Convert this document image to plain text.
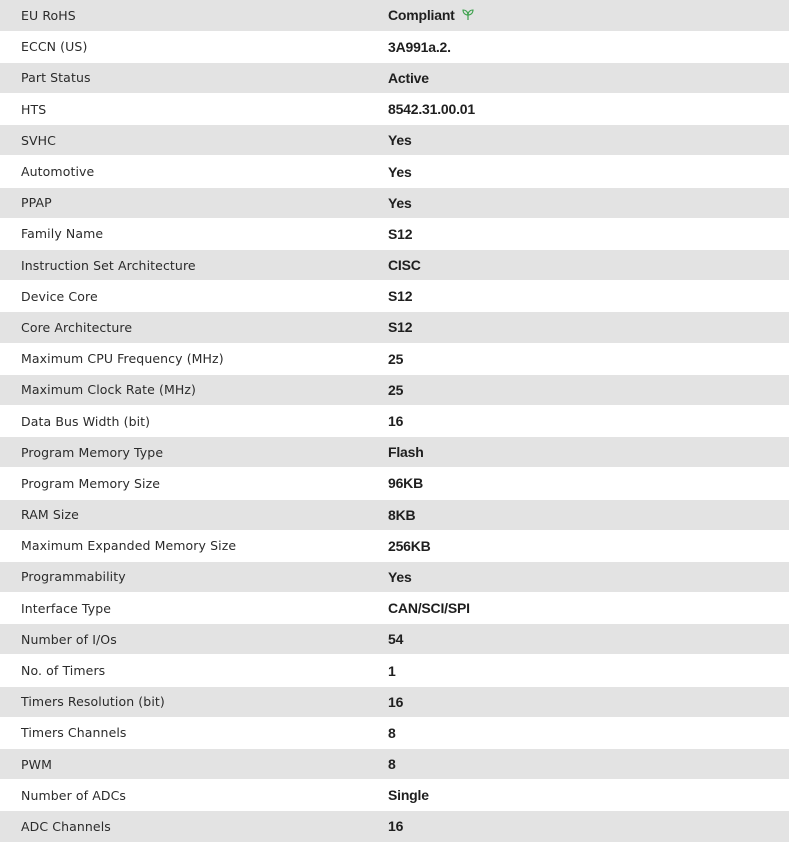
EU RoHS	Compliant
ECCN (US)	3A991a.2.
Part Status	Active
HTS	8542.31.00.01
SVHC	Yes
Automotive	Yes
PPAP	Yes
Family Name	S12
Instruction Set Architecture	CISC
Device Core	S12
Core Architecture	S12
Maximum CPU Frequency (MHz)	25
Maximum Clock Rate (MHz)	25
Data Bus Width (bit)	16
Program Memory Type	Flash
Program Memory Size	96KB
RAM Size	8KB
Maximum Expanded Memory Size	256KB
Programmability	Yes
Interface Type	CAN/SCI/SPI
Number of I/Os	54
No. of Timers	1
Timers Resolution (bit)	16
Timers Channels	8
PWM	8
Number of ADCs	Single
ADC Channels	16
